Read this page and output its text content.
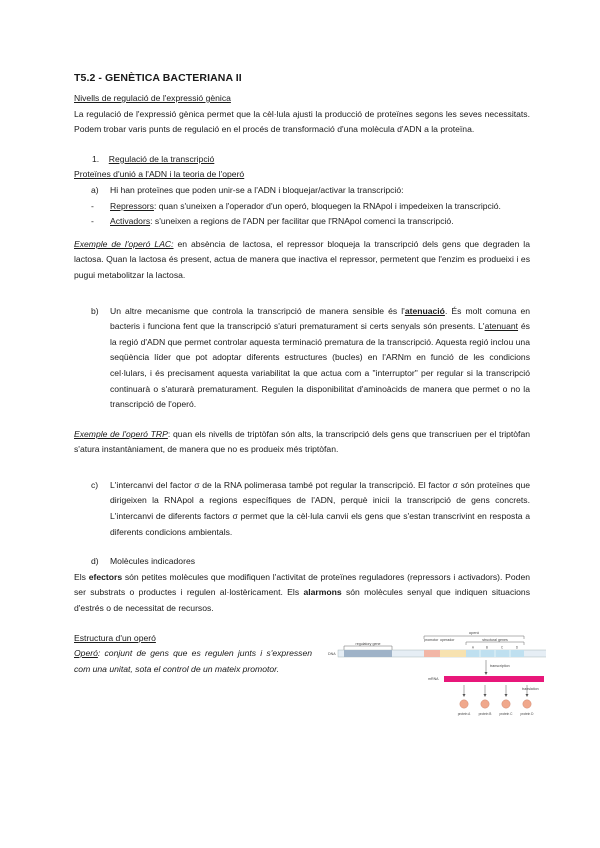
T5.2 - GENÈTICA BACTERIANA II
Nivells de regulació de l'expressió gènica

La regulació de l'expressió gènica permet que la cèl·lula ajusti la producció de proteïnes segons les seves necessitats. Podem trobar varis punts de regulació en el procés de transformació d'una molècula d'ADN a la proteïna.

1. Regulació de la transcripció
Proteïnes d'unió a l'ADN i la teoria de l'operó
a) Hi han proteïnes que poden unir-se a l'ADN i bloquejar/activar la transcripció:
- Repressors: quan s'uneixen a l'operador d'un operó, bloquegen la RNApol i impedeixen la transcripció.
- Activadors: s'uneixen a regions de l'ADN per facilitar que l'RNApol comenci la transcripció.

Exemple de l'operó LAC: en absència de lactosa, el repressor bloqueja la transcripció dels gens que degraden la lactosa. Quan la lactosa és present, actua de manera que inactiva el repressor, permetent que l'enzim es produeixi i es pugui metabolitzar la lactosa.

b) Un altre mecanisme que controla la transcripció de manera sensible és l'atenuació. És molt comuna en bacteris i funciona fent que la transcripció s'aturi prematurament si certs senyals són presents. L'atenuant és la regió d'ADN que permet controlar aquesta terminació prematura de la transcripció. Aquesta regió inclou una seqüència líder que pot adoptar diferents estructures (bucles) en l'ARNm en funció de les condicions cel·lulars, i és precisament aquesta variabilitat la que actua com a "interruptor" per regular si la transcripció continuarà o s'aturarà prematurament. Regulen la disponibilitat d'aminoàcids de manera que permet o no la transcripció de l'operó.

Exemple de l'operó TRP: quan els nivells de triptòfan són alts, la transcripció dels gens que transcriuen per el triptòfan s'atura instantàniament, de manera que no es produeix més triptòfan.

c) L'intercanvi del factor σ de la RNA polimerasa també pot regular la transcripció. El factor σ són proteïnes que dirigeixen la RNApol a regions específiques de l'ADN, perquè inicii la transcripció de gens concrets. L'intercanvi de diferents factors σ permet que la cèl·lula canvii els gens que s'estan transcrivint en resposta a diferents condicions ambientals.
d) Molècules indicadores

Els efectors són petites molècules que modifiquen l'activitat de proteïnes reguladores (repressors i activadors). Poden ser substrats o productes i regulen al·lostèricament. Els alarmons són molècules senyal que indiquen situacions d'estrés o de necessitat de recursos.

Estructura d'un operó

Operó: conjunt de gens que es regulen junts i s'expressen com una unitat, sota el control de un mateix promotor.

operó
structural genes
regulatory gene
promotor operador
DNA
A	B	C	D
transcription
mRNA
translation
protein A	protein B	protein C	protein D
